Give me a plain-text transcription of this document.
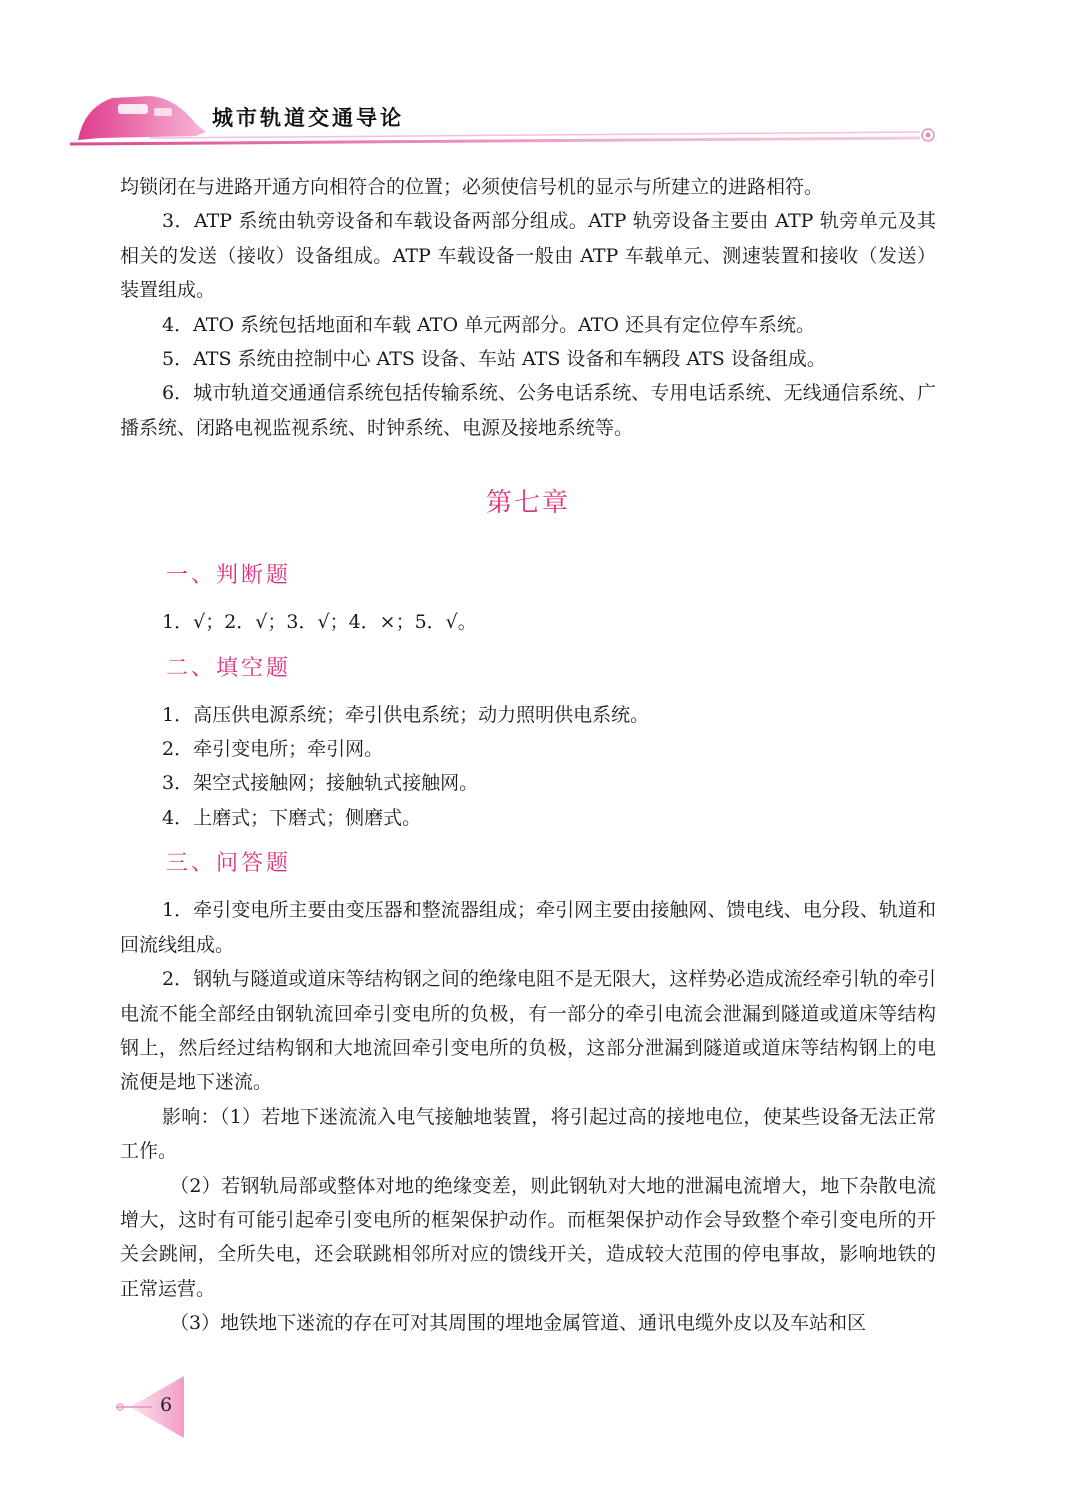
城市轨道交通导论

均锁闭在与进路开通方向相符合的位置；必须使信号机的显示与所建立的进路相符。

3．ATP 系统由轨旁设备和车载设备两部分组成。ATP 轨旁设备主要由 ATP 轨旁单元及其相关的发送（接收）设备组成。ATP 车载设备一般由 ATP 车载单元、测速装置和接收（发送）装置组成。

4．ATO 系统包括地面和车载 ATO 单元两部分。ATO 还具有定位停车系统。

5．ATS 系统由控制中心 ATS 设备、车站 ATS 设备和车辆段 ATS 设备组成。

6．城市轨道交通通信系统包括传输系统、公务电话系统、专用电话系统、无线通信系统、广播系统、闭路电视监视系统、时钟系统、电源及接地系统等。

第七章
一、判断题

1．√；2．√；3．√；4．×；5．√。

二、填空题

1．高压供电源系统；牵引供电系统；动力照明供电系统。

2．牵引变电所；牵引网。

3．架空式接触网；接触轨式接触网。

4．上磨式；下磨式；侧磨式。

三、问答题

1．牵引变电所主要由变压器和整流器组成；牵引网主要由接触网、馈电线、电分段、轨道和回流线组成。

2．钢轨与隧道或道床等结构钢之间的绝缘电阻不是无限大，这样势必造成流经牵引轨的牵引电流不能全部经由钢轨流回牵引变电所的负极，有一部分的牵引电流会泄漏到隧道或道床等结构钢上，然后经过结构钢和大地流回牵引变电所的负极，这部分泄漏到隧道或道床等结构钢上的电流便是地下迷流。

影响：（1）若地下迷流流入电气接触地装置，将引起过高的接地电位，使某些设备无法正常工作。

（2）若钢轨局部或整体对地的绝缘变差，则此钢轨对大地的泄漏电流增大，地下杂散电流增大，这时有可能引起牵引变电所的框架保护动作。而框架保护动作会导致整个牵引变电所的开关会跳闸，全所失电，还会联跳相邻所对应的馈线开关，造成较大范围的停电事故，影响地铁的正常运营。

（3）地铁地下迷流的存在可对其周围的埋地金属管道、通讯电缆外皮以及车站和区

6
